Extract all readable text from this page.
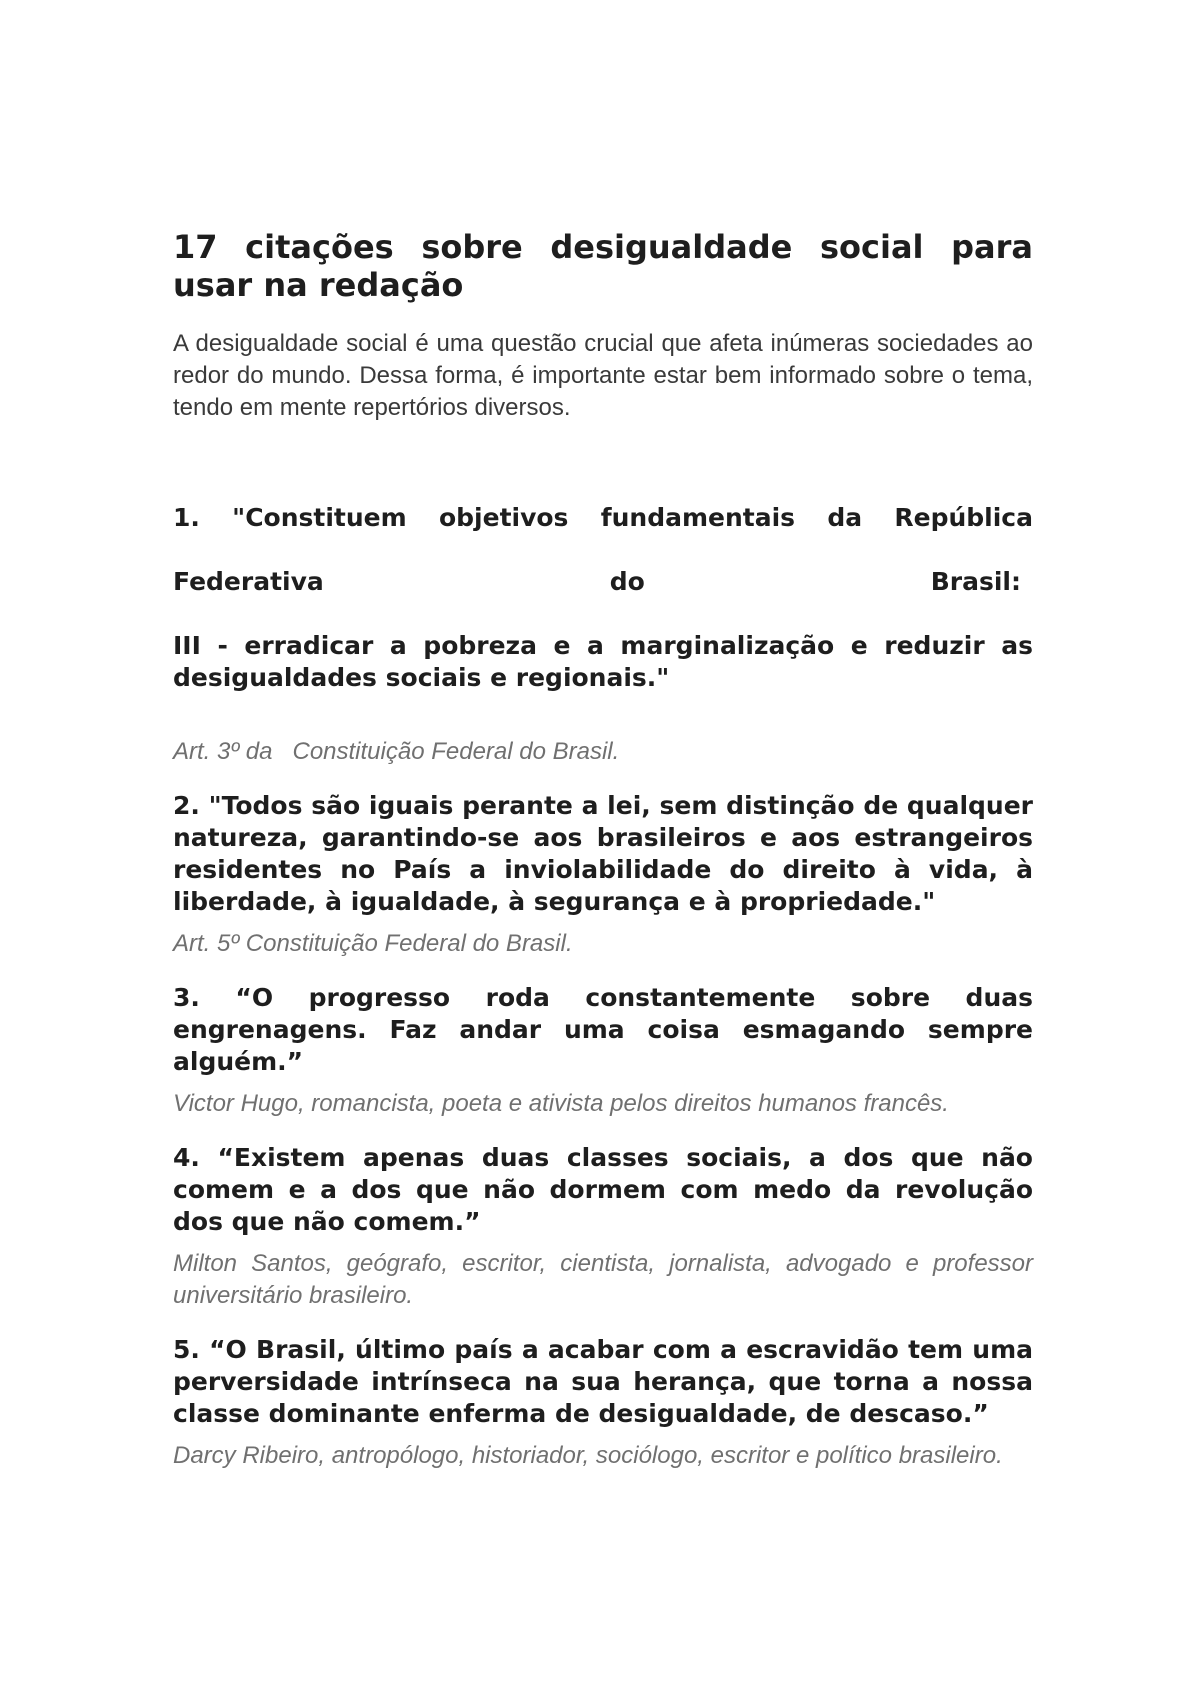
17 citações sobre desigualdade social para usar na redação

A desigualdade social é uma questão crucial que afeta inúmeras sociedades ao redor do mundo. Dessa forma, é importante estar bem informado sobre o tema, tendo em mente repertórios diversos.

1. "Constituem objetivos fundamentais da República

Federativa do Brasil:

III - erradicar a pobreza e a marginalização e reduzir as desigualdades sociais e regionais."

Art. 3º da   Constituição Federal do Brasil.

2. "Todos são iguais perante a lei, sem distinção de qualquer natureza, garantindo-se aos brasileiros e aos estrangeiros residentes no País a inviolabilidade do direito à vida, à liberdade, à igualdade, à segurança e à propriedade."

Art. 5º Constituição Federal do Brasil.

3. “O progresso roda constantemente sobre duas engrenagens. Faz andar uma coisa esmagando sempre alguém.”

Victor Hugo, romancista, poeta e ativista pelos direitos humanos francês.

4. “Existem apenas duas classes sociais, a dos que não comem e a dos que não dormem com medo da revolução dos que não comem.”

Milton Santos, geógrafo, escritor, cientista, jornalista, advogado e professor universitário brasileiro.

5. “O Brasil, último país a acabar com a escravidão tem uma perversidade intrínseca na sua herança, que torna a nossa classe dominante enferma de desigualdade, de descaso.”

Darcy Ribeiro, antropólogo, historiador, sociólogo, escritor e político brasileiro.
